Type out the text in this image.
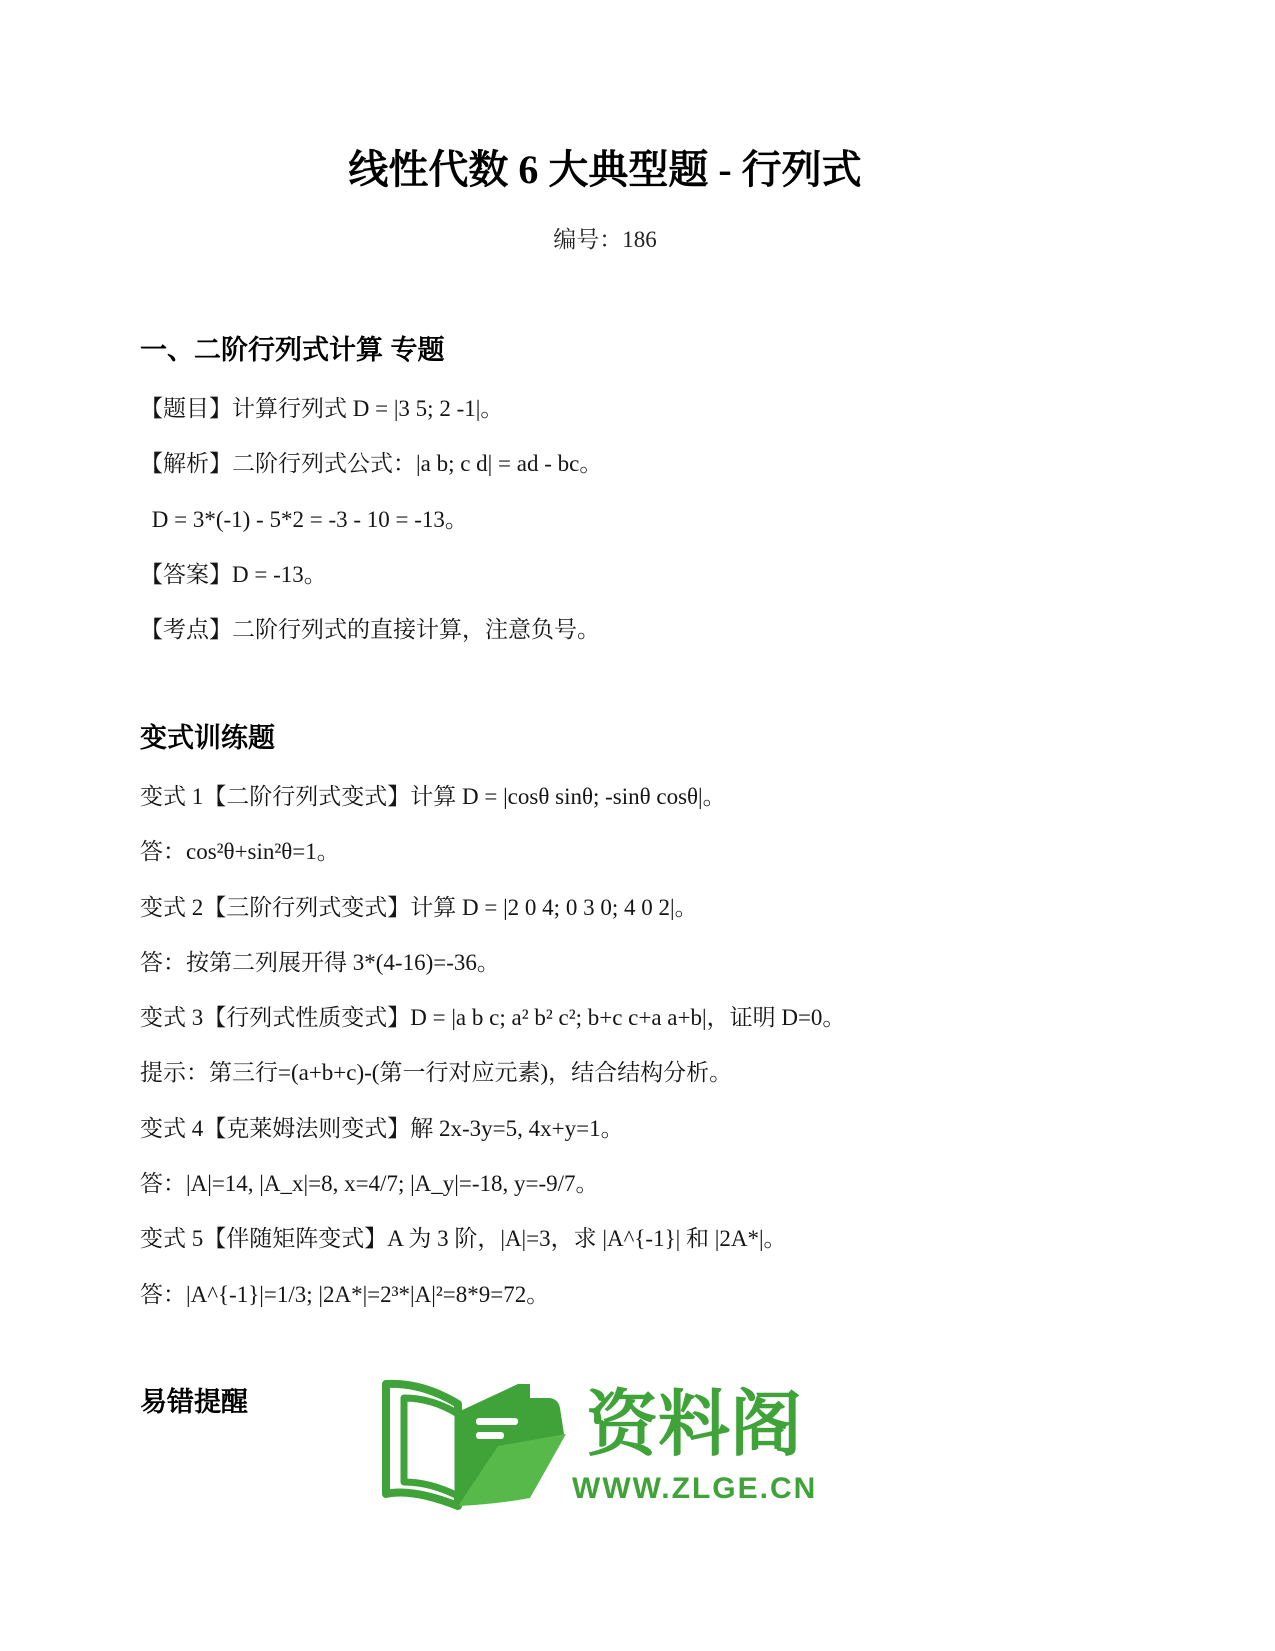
线性代数 6 大典型题 - 行列式
编号：186
一、二阶行列式计算 专题
【题目】计算行列式 D = |3 5; 2 -1|。
【解析】二阶行列式公式：|a b; c d| = ad - bc。
D = 3*(-1) - 5*2 = -3 - 10 = -13。
【答案】D = -13。
【考点】二阶行列式的直接计算，注意负号。
变式训练题
变式 1【二阶行列式变式】计算 D = |cosθ sinθ; -sinθ cosθ|。
答：cos²θ+sin²θ=1。
变式 2【三阶行列式变式】计算 D = |2 0 4; 0 3 0; 4 0 2|。
答：按第二列展开得 3*(4-16)=-36。
变式 3【行列式性质变式】D = |a b c; a² b² c²; b+c c+a a+b|，证明 D=0。
提示：第三行=(a+b+c)-(第一行对应元素)，结合结构分析。
变式 4【克莱姆法则变式】解 2x-3y=5, 4x+y=1。
答：|A|=14, |A_x|=8, x=4/7; |A_y|=-18, y=-9/7。
变式 5【伴随矩阵变式】A 为 3 阶，|A|=3，求 |A^{-1}| 和 |2A*|。
答：|A^{-1}|=1/3; |2A*|=2³*|A|²=8*9=72。
易错提醒	资料阁
WWW.ZLGE.CN
